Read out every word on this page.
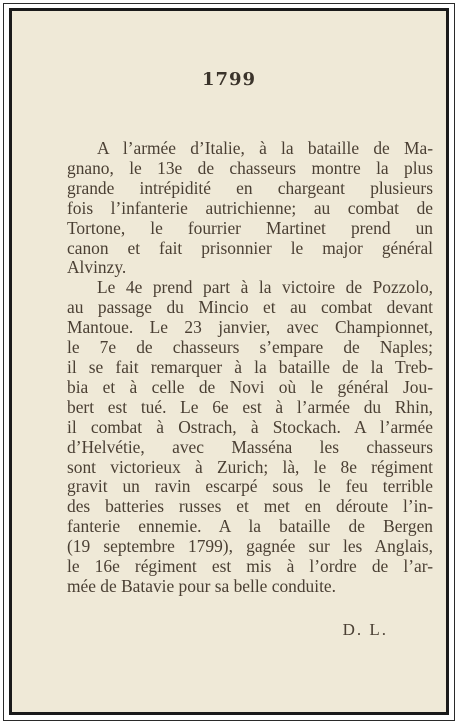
1799
A l’armée d’Italie, à la bataille de Ma-
gnano, le 13e de chasseurs montre la plus
grande intrépidité en chargeant plusieurs
fois l’infanterie autrichienne; au combat de
Tortone, le fourrier Martinet prend un
canon et fait prisonnier le major général
Alvinzy.
Le 4e prend part à la victoire de Pozzolo,
au passage du Mincio et au combat devant
Mantoue. Le 23 janvier, avec Championnet,
le 7e de chasseurs s’empare de Naples;
il se fait remarquer à la bataille de la Treb-
bia et à celle de Novi où le général Jou-
bert est tué. Le 6e est à l’armée du Rhin,
il combat à Ostrach, à Stockach. A l’armée
d’Helvétie, avec Masséna les chasseurs
sont victorieux à Zurich; là, le 8e régiment
gravit un ravin escarpé sous le feu terrible
des batteries russes et met en déroute l’in-
fanterie ennemie. A la bataille de Bergen
(19 septembre 1799), gagnée sur les Anglais,
le 16e régiment est mis à l’ordre de l’ar-
mée de Batavie pour sa belle conduite.
D. L.
